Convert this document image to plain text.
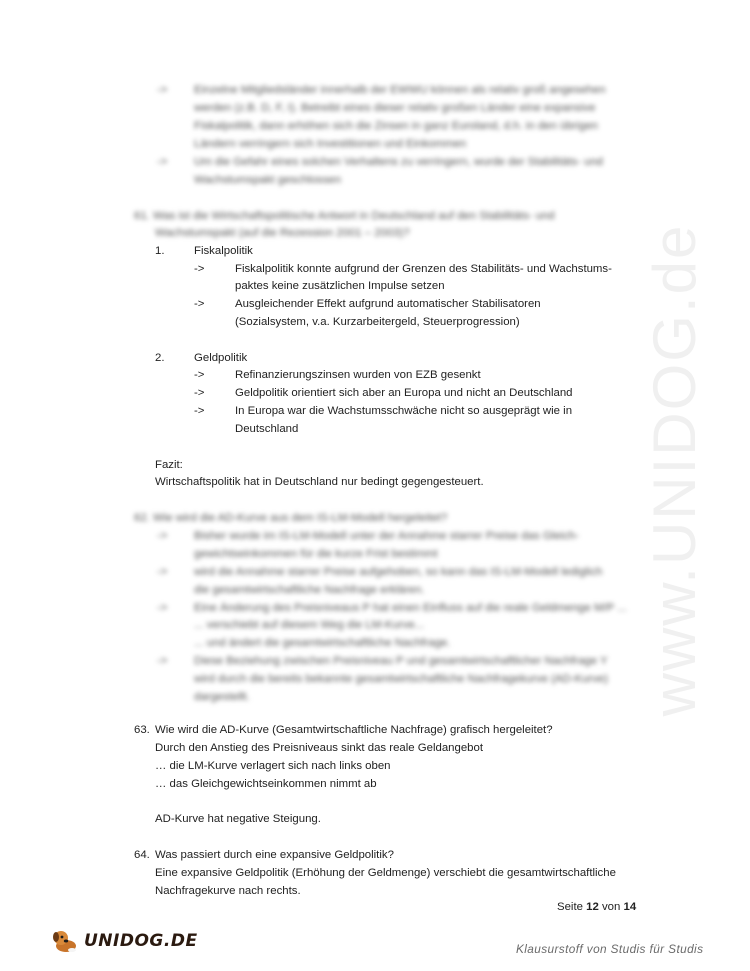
www.UNIDOG.de
-> Einzelne Mitgliedsländer innerhalb der EWWU können als relativ groß angesehen
werden (z.B. D, F, I). Betreibt eines dieser relativ großen Länder eine expansive
Fiskalpolitik, dann erhöhen sich die Zinsen in ganz Euroland, d.h. in den übrigen
Ländern verringern sich Investitionen und Einkommen
-> Um die Gefahr eines solchen Verhaltens zu verringern, wurde der Stabilitäts- und
Wachstumspakt geschlossen
61. Was ist die Wirtschaftspolitische Antwort in Deutschland auf den Stabilitäts- und
Wachstumspakt (auf die Rezession 2001 – 2003)?
1.	Fiskalpolitik
->	Fiskalpolitik konnte aufgrund der Grenzen des Stabilitäts- und Wachstums-
paktes keine zusätzlichen Impulse setzen
->	Ausgleichender Effekt aufgrund automatischer Stabilisatoren
(Sozialsystem, v.a. Kurzarbeitergeld, Steuerprogression)
2.	Geldpolitik
->	Refinanzierungszinsen wurden von EZB gesenkt
->	Geldpolitik orientiert sich aber an Europa und nicht an Deutschland
->	In Europa war die Wachstumsschwäche nicht so ausgeprägt wie in
Deutschland
Fazit:
Wirtschaftspolitik hat in Deutschland nur bedingt gegengesteuert.
62. Wie wird die AD-Kurve aus dem IS-LM-Modell hergeleitet?
-> Bisher wurde im IS-LM-Modell unter der Annahme starrer Preise das Gleich-
gewichtseinkommen für die kurze Frist bestimmt
-> wird die Annahme starrer Preise aufgehoben, so kann das IS-LM-Modell lediglich
die gesamtwirtschaftliche Nachfrage erklären.
-> Eine Änderung des Preisniveaus P hat einen Einfluss auf die reale Geldmenge M/P ...
... verschiebt auf diesem Weg die LM-Kurve...
... und ändert die gesamtwirtschaftliche Nachfrage.
-> Diese Beziehung zwischen Preisniveau P und gesamtwirtschaftlicher Nachfrage Y
wird durch die bereits bekannte gesamtwirtschaftliche Nachfragekurve (AD-Kurve)
dargestellt.
63. Wie wird die AD-Kurve (Gesamtwirtschaftliche Nachfrage) grafisch hergeleitet?
Durch den Anstieg des Preisniveaus sinkt das reale Geldangebot
… die LM-Kurve verlagert sich nach links oben
… das Gleichgewichtseinkommen nimmt ab
AD-Kurve hat negative Steigung.
64. Was passiert durch eine expansive Geldpolitik?
Eine expansive Geldpolitik (Erhöhung der Geldmenge) verschiebt die gesamtwirtschaftliche
Nachfragekurve nach rechts.
Seite 12 von 14
UNIDOG.DE	Klausurstoff von Studis für Studis
